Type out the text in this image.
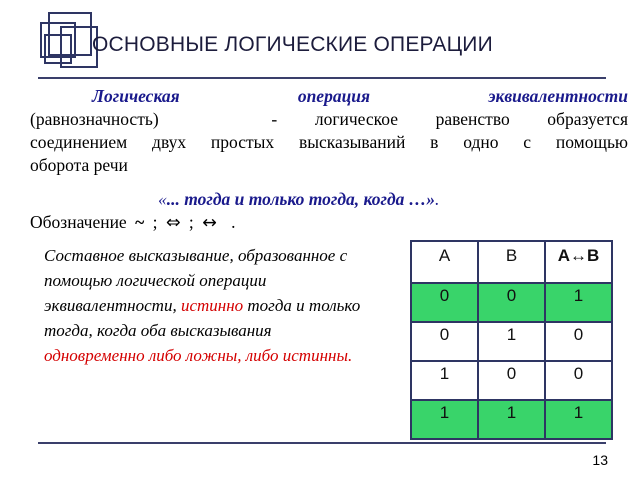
ОСНОВНЫЕ ЛОГИЧЕСКИЕ ОПЕРАЦИИ
Логическая	операция	эквивалентности
(равнозначность)      -  логическое  равенство  образуется
соединением двух простых высказываний в одно с помощью
оборота речи
«... тогда и только тогда, когда …».
Обозначение ~ ; ⇔ ; ↔ .
Составное высказывание, образованное с помощью логической операции эквивалентности, истинно тогда и только тогда, когда оба высказывания
одновременно либо ложны, либо истинны.
A	B	A↔B
0	0	1
0	1	0
1	0	0
1	1	1
13
